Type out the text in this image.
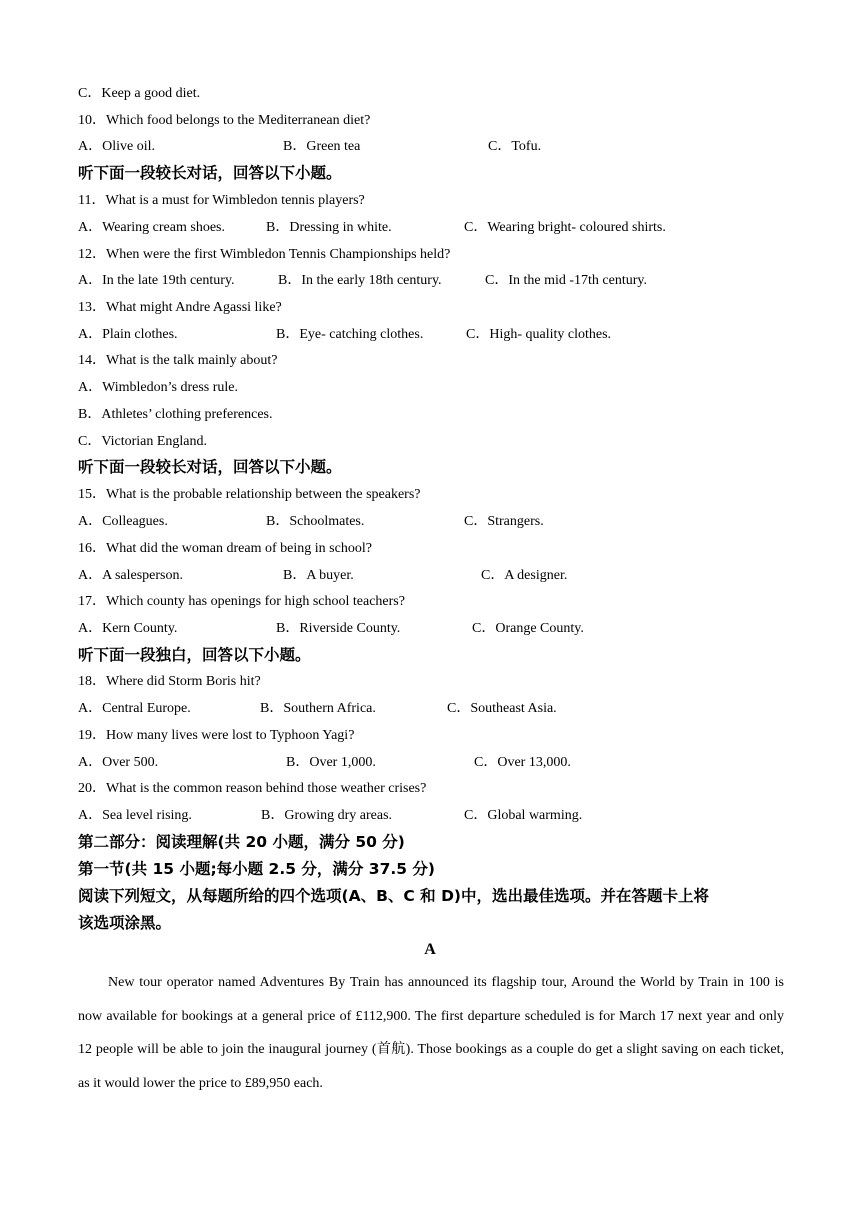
C．Keep a good diet.
10．Which food belongs to the Mediterranean diet?
A．Olive oil.	B．Green tea	C．Tofu.
听下面一段较长对话，回答以下小题。
11．What is a must for Wimbledon tennis players?
A．Wearing cream shoes.	B．Dressing in white.	C．Wearing bright- coloured shirts.
12．When were the first Wimbledon Tennis Championships held?
A．In the late 19th century.	B．In the early 18th century.	C．In the mid -17th century.
13．What might Andre Agassi like?
A．Plain clothes.	B．Eye- catching clothes.	C．High- quality clothes.
14．What is the talk mainly about?
A．Wimbledon’s dress rule.
B．Athletes’ clothing preferences.
C．Victorian England.
听下面一段较长对话，回答以下小题。
15．What is the probable relationship between the speakers?
A．Colleagues.	B．Schoolmates.	C．Strangers.
16．What did the woman dream of being in school?
A．A salesperson.	B．A buyer.	C．A designer.
17．Which county has openings for high school teachers?
A．Kern County.	B．Riverside County.	C．Orange County.
听下面一段独白，回答以下小题。
18．Where did Storm Boris hit?
A．Central Europe.	B．Southern Africa.	C．Southeast Asia.
19．How many lives were lost to Typhoon Yagi?
A．Over 500.	B．Over 1,000.	C．Over 13,000.
20．What is the common reason behind those weather crises?
A．Sea level rising.	B．Growing dry areas.	C．Global warming.
第二部分：阅读理解(共 20 小题，满分 50 分)
第一节(共 15 小题;每小题 2.5 分，满分 37.5 分)
阅读下列短文，从每题所给的四个选项(A、B、C 和 D)中，选出最佳选项。并在答题卡上将
该选项涂黑。
A
New tour operator named Adventures By Train has announced its flagship tour, Around the World by Train in 100 is now available for bookings at a general price of £112,900. The first departure scheduled is for March 17 next year and only 12 people will be able to join the inaugural journey (首航). Those bookings as a couple do get a slight saving on each ticket, as it would lower the price to £89,950 each.
